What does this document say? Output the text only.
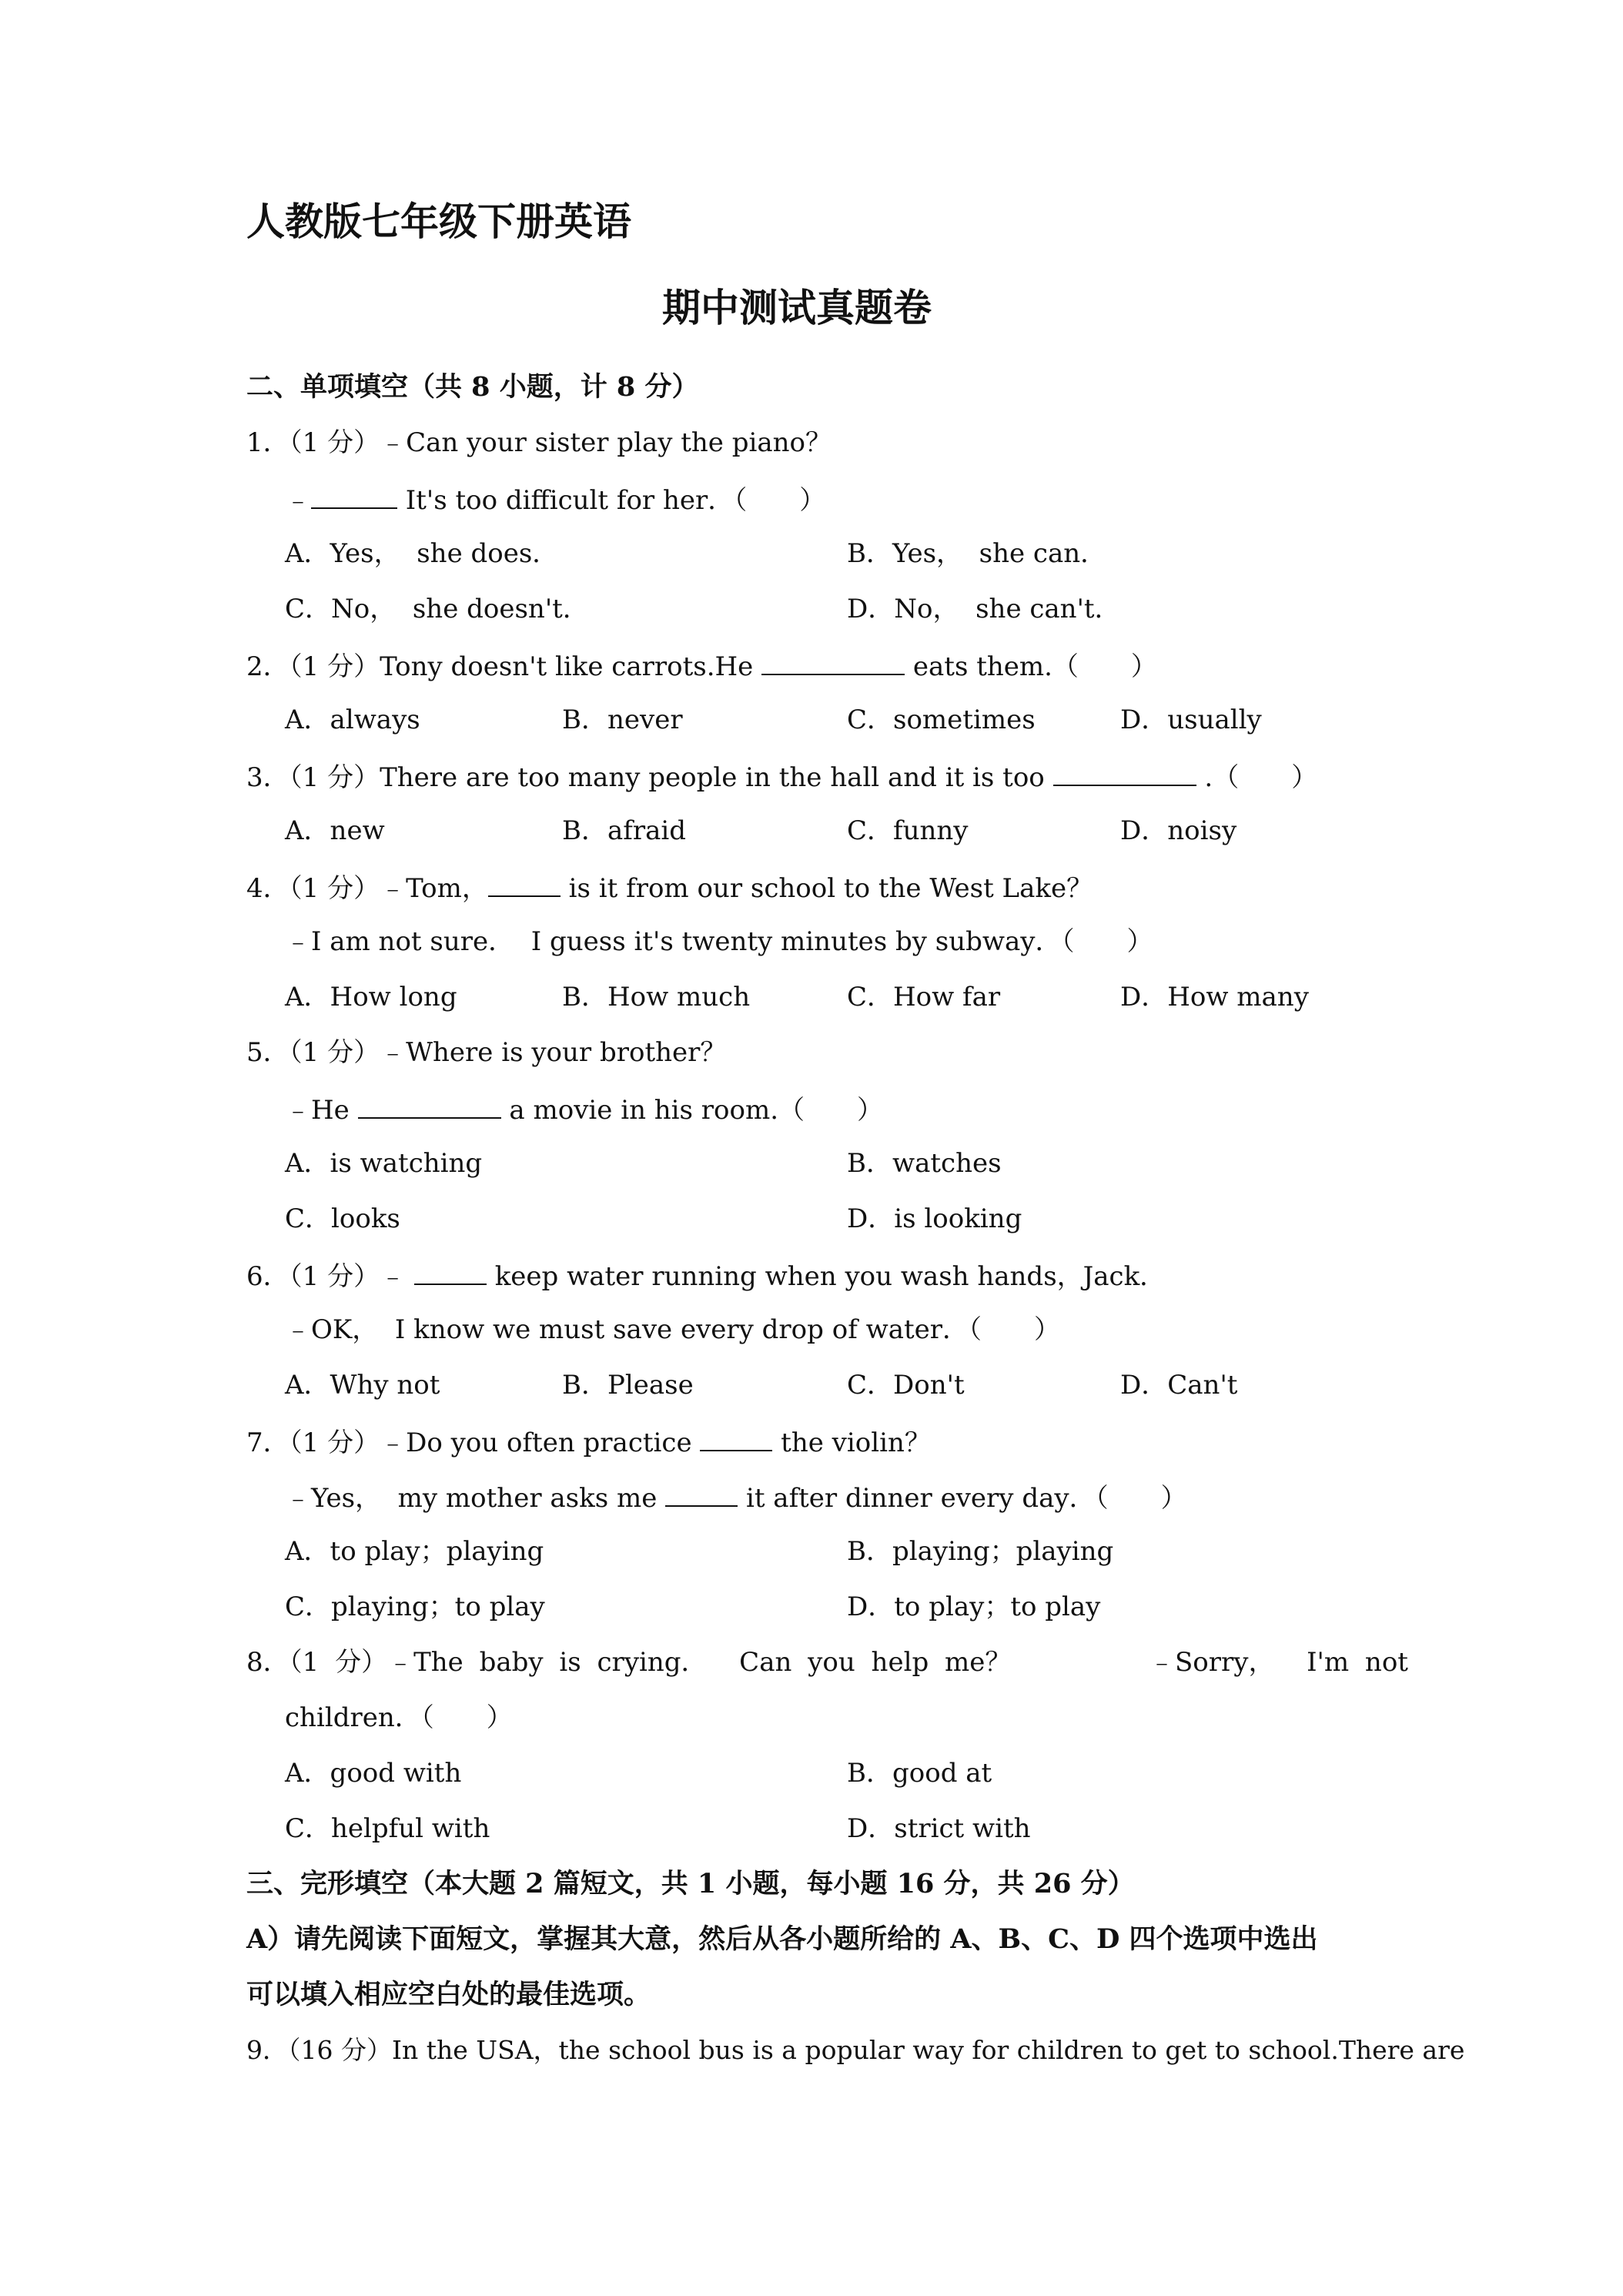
人教版七年级下册英语
期中测试真题卷
二、单项填空（共 8 小题，计 8 分）
1．（1 分）﹣Can your sister play the piano？
﹣	It's too difficult for her．（　　）
A．Yes，  she does．	B．Yes，  she can．
C．No，  she doesn't．	D．No，  she can't．
2．（1 分）Tony doesn't like carrots.He	eats them.（　　）
A．always	B．never	C．sometimes	D．usually
3．（1 分）There are too many people in the hall and it is too	.（　　）
A．new	B．afraid	C．funny	D．noisy
4．（1 分）﹣Tom，	is it from our school to the West Lake？
﹣I am not sure．  I guess it's twenty minutes by subway．（　　）
A．How long	B．How much	C．How far	D．How many
5．（1 分）﹣Where is your brother？
﹣He	a movie in his room.（　　）
A．is watching	B．watches
C．looks	D．is looking
6．（1 分）﹣	keep water running when you wash hands，Jack．
﹣OK，  I know we must save every drop of water．（　　）
A．Why not	B．Please	C．Don't	D．Can't
7．（1 分）﹣Do you often practice	the violin？
﹣Yes，  my mother asks me	it after dinner every day．（　　）
A．to play；playing	B．playing；playing
C．playing；to play	D．to play；to play
8．（1 分）﹣The baby is crying．  Can you help me？	﹣Sorry，  I'm not
children．（　　）
A．good with	B．good at
C．helpful with	D．strict with
三、完形填空（本大题 2 篇短文，共 1 小题，每小题 16 分，共 26 分）
A）请先阅读下面短文，掌握其大意，然后从各小题所给的 A、B、C、D 四个选项中选出
可以填入相应空白处的最佳选项。
9．（16 分）In the USA，the school bus is a popular way for children to get to school.There are
